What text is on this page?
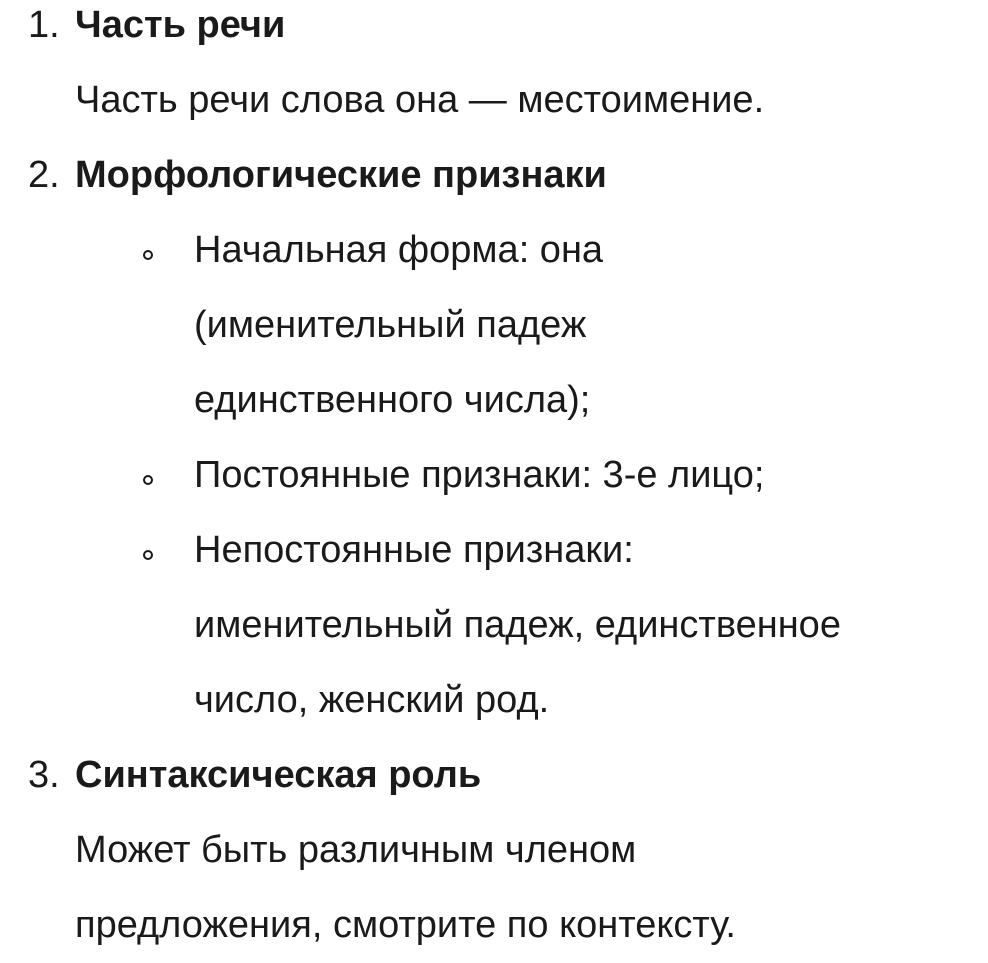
1. Часть речи
Часть речи слова она — местоимение.
2. Морфологические признаки
Начальная форма: она
(именительный падеж
единственного числа);
Постоянные признаки: 3-е лицо;
Непостоянные признаки:
именительный падеж, единственное
число, женский род.
3. Синтаксическая роль
Может быть различным членом
предложения, смотрите по контексту.
